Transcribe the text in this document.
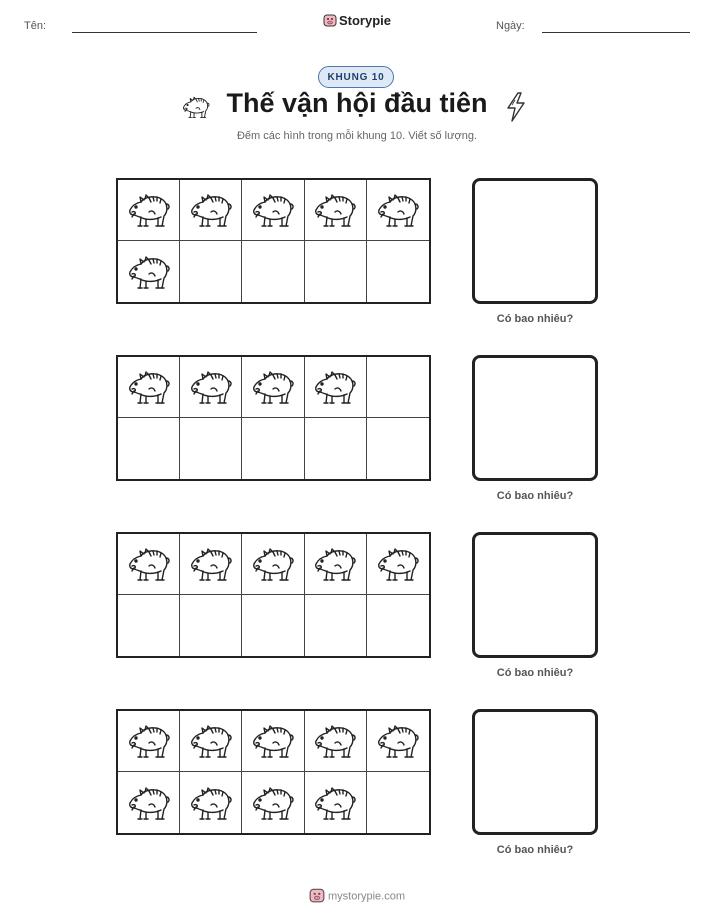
Tên:	Ngày:
Storypie
KHUNG 10
Thế vận hội đầu tiên
Đếm các hình trong mỗi khung 10. Viết số lượng.
Có bao nhiêu?
Có bao nhiêu?
Có bao nhiêu?
Có bao nhiêu?
mystorypie.com
